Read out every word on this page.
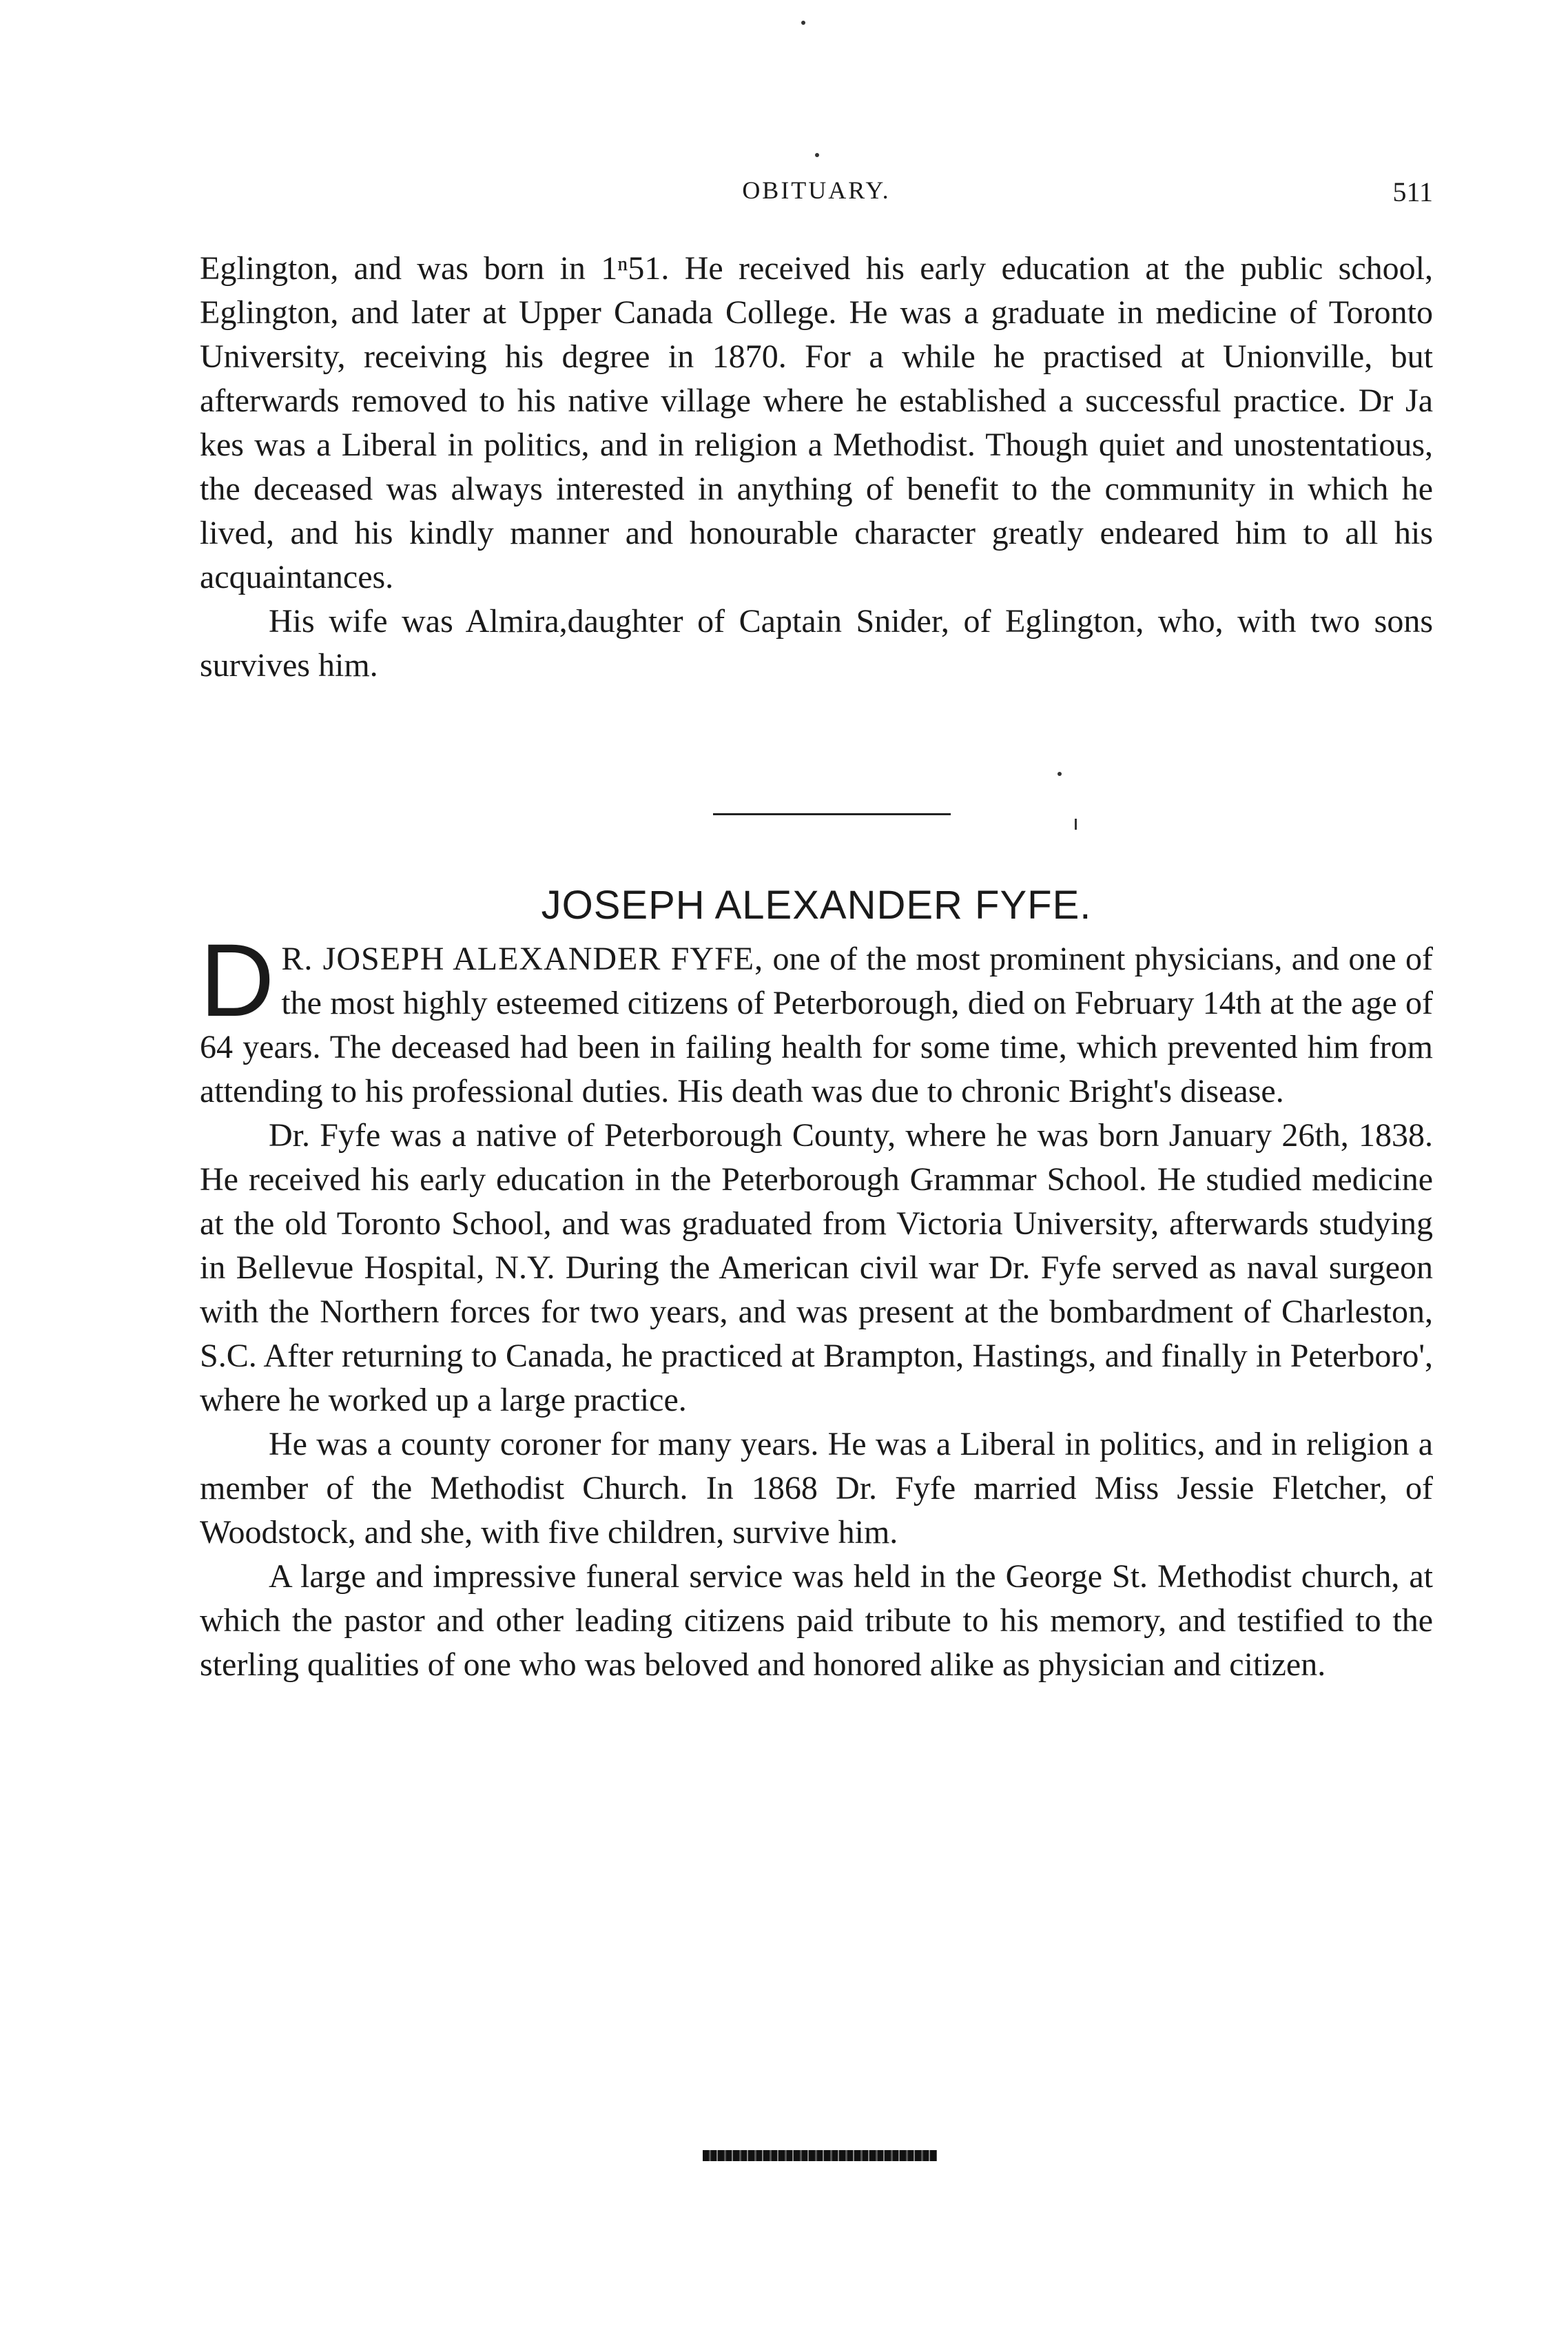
OBITUARY.	511

Eglington, and was born in 1ⁿ51. He received his early education at the public school, Eglington, and later at Upper Canada College. He was a graduate in medicine of Toronto University, receiving his degree in 1870. For a while he practised at Unionville, but afterwards removed to his native village where he established a successful practice. Dr Ja kes was a Liberal in politics, and in religion a Methodist. Though quiet and unostentatious, the deceased was always interested in anything of benefit to the community in which he lived, and his kindly manner and honourable character greatly endeared him to all his acquaintances.

His wife was Almira,daughter of Captain Snider, of Eglington, who, with two sons survives him.

JOSEPH ALEXANDER FYFE.

D R. JOSEPH ALEXANDER FYFE, one of the most prominent physicians, and one of the most highly esteemed citizens of Peterborough, died on February 14th at the age of 64 years. The deceased had been in failing health for some time, which prevented him from attending to his professional duties. His death was due to chronic Bright's disease.

Dr. Fyfe was a native of Peterborough County, where he was born January 26th, 1838. He received his early education in the Peterborough Grammar School. He studied medicine at the old Toronto School, and was graduated from Victoria University, afterwards studying in Bellevue Hospital, N.Y. During the American civil war Dr. Fyfe served as naval surgeon with the Northern forces for two years, and was present at the bombardment of Charleston, S.C. After returning to Canada, he practiced at Brampton, Hastings, and finally in Peterboro', where he worked up a large practice.

He was a county coroner for many years. He was a Liberal in politics, and in religion a member of the Methodist Church. In 1868 Dr. Fyfe married Miss Jessie Fletcher, of Woodstock, and she, with five children, survive him.

A large and impressive funeral service was held in the George St. Methodist church, at which the pastor and other leading citizens paid tribute to his memory, and testified to the sterling qualities of one who was beloved and honored alike as physician and citizen.
